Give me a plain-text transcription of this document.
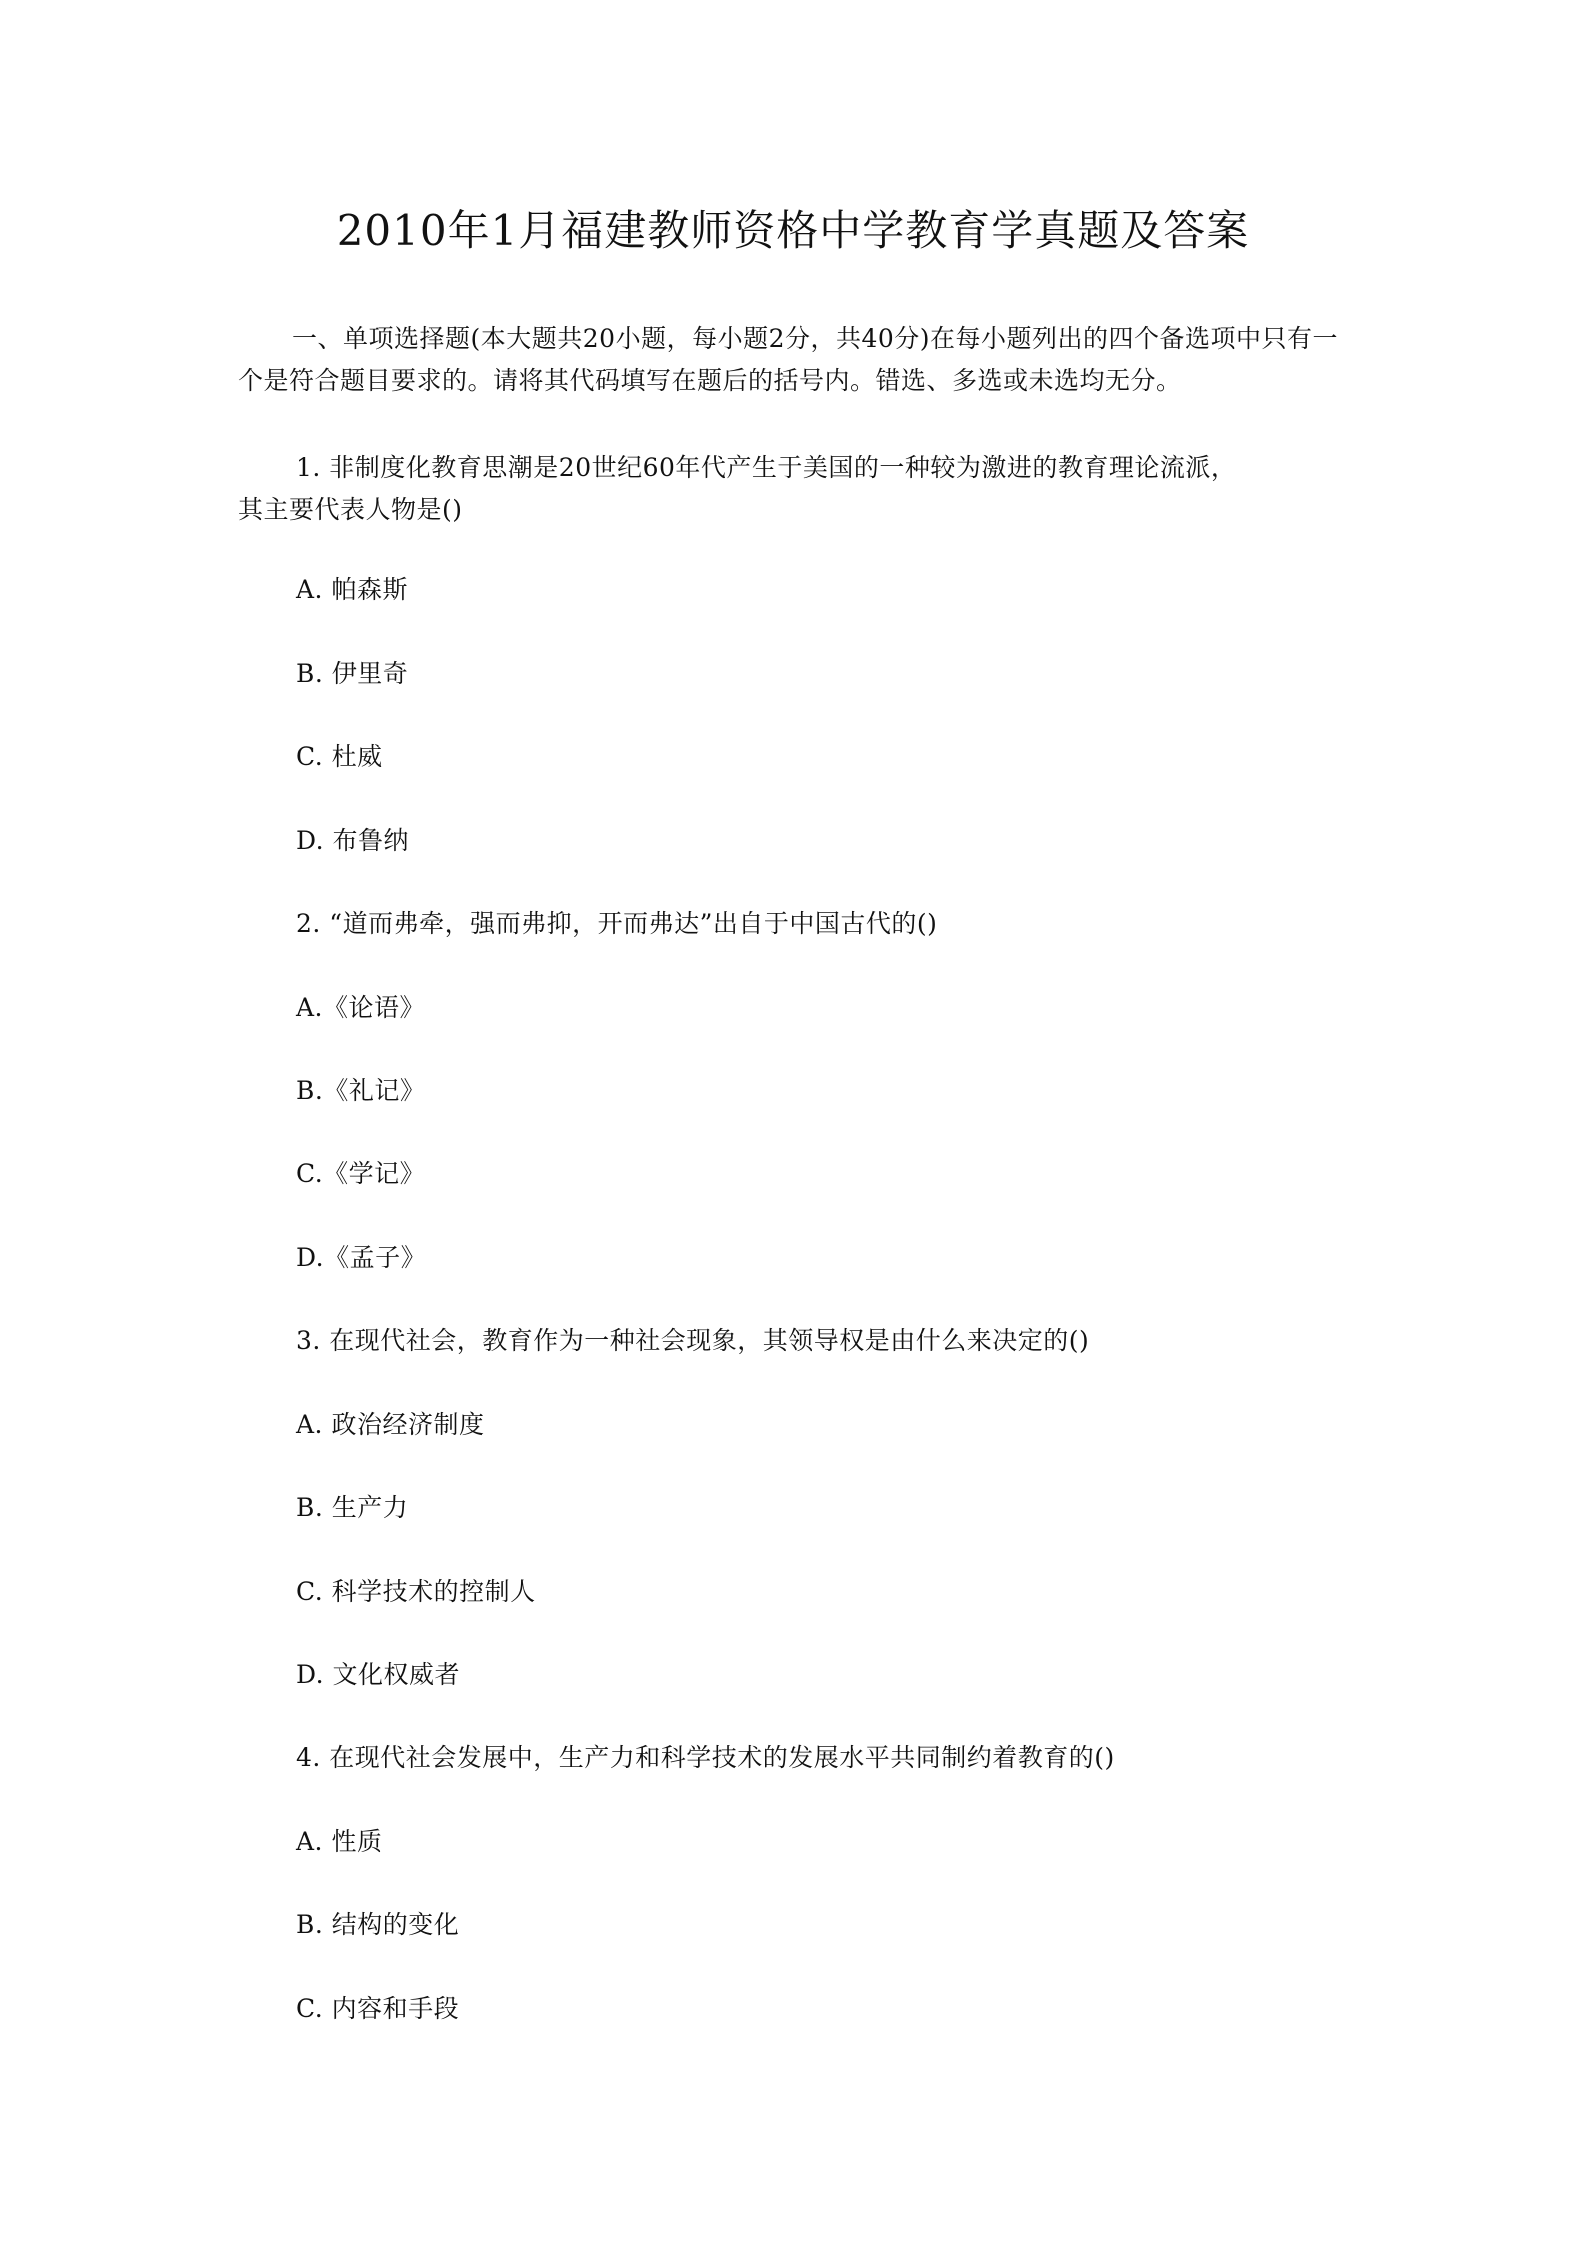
2010年1月福建教师资格中学教育学真题及答案
一、单项选择题(本大题共20小题，每小题2分，共40分)在每小题列出的四个备选项中只有一个是符合题目要求的。请将其代码填写在题后的括号内。错选、多选或未选均无分。
1. 非制度化教育思潮是20世纪60年代产生于美国的一种较为激进的教育理论流派，
其主要代表人物是()
A. 帕森斯
B. 伊里奇
C. 杜威
D. 布鲁纳
2. “道而弗牵，强而弗抑，开而弗达”出自于中国古代的()
A.《论语》
B.《礼记》
C.《学记》
D.《孟子》
3. 在现代社会，教育作为一种社会现象，其领导权是由什么来决定的()
A. 政治经济制度
B. 生产力
C. 科学技术的控制人
D. 文化权威者
4. 在现代社会发展中，生产力和科学技术的发展水平共同制约着教育的()
A. 性质
B. 结构的变化
C. 内容和手段
